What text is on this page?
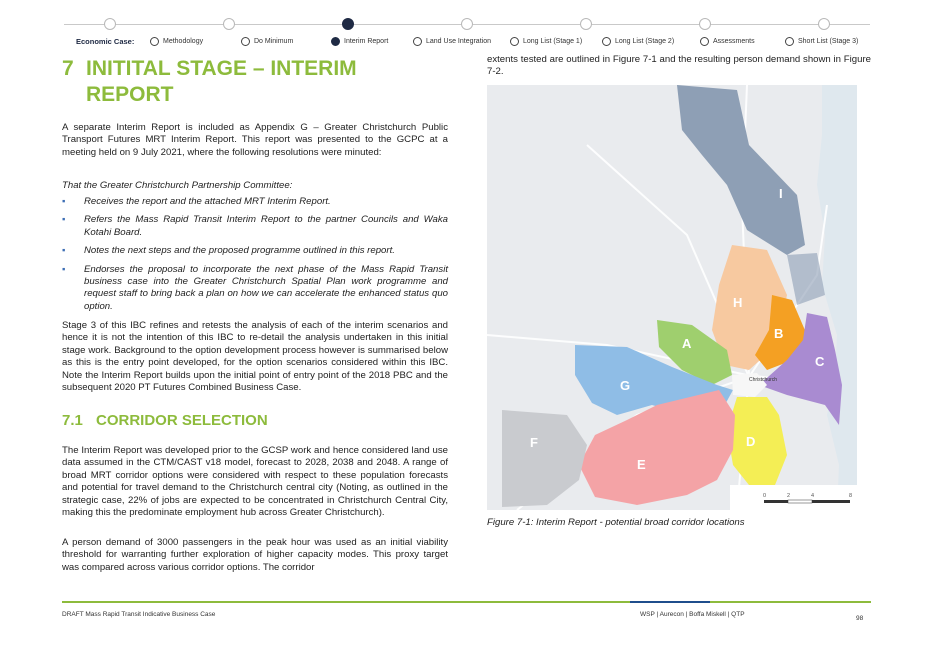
Economic Case:	Methodology	Do Minimum	Interim Report	Land Use Integration	Long List (Stage 1)	Long List (Stage 2)	Assessments	Short List (Stage 3)
7 INITITAL STAGE – INTERIM
REPORT

A separate Interim Report is included as Appendix G – Greater Christchurch Public Transport Futures MRT Interim Report. This report was presented to the GCPC at a meeting held on 9 July 2021, where the following resolutions were minuted:

That the Greater Christchurch Partnership Committee:

▪ Receives the report and the attached MRT Interim Report.
▪ Refers the Mass Rapid Transit Interim Report to the partner Councils and Waka Kotahi Board.
▪ Notes the next steps and the proposed programme outlined in this report.
▪ Endorses the proposal to incorporate the next phase of the Mass Rapid Transit business case into the Greater Christchurch Spatial Plan work programme and request staff to bring back a plan on how we can accelerate the enhanced status quo option.

Stage 3 of this IBC refines and retests the analysis of each of the interim scenarios and hence it is not the intention of this IBC to re-detail the analysis undertaken in this initial stage work. Background to the option development process however is summarised below as this is the entry point developed, for the option scenarios considered within this IBC. Note the Interim Report builds upon the initial point of entry point of the 2018 PBC and the subsequent 2020 PT Futures Combined Business Case.

7.1 CORRIDOR SELECTION

The Interim Report was developed prior to the GCSP work and hence considered land use data assumed in the CTM/CAST v18 model, forecast to 2028, 2038 and 2048. A range of broad MRT corridor options were considered with respect to these population forecasts and potential for travel demand to the Christchurch central city (Noting, as outlined in the strategic case, 22% of jobs are expected to be concentrated in Christchurch Central City, making this the predominate employment hub across Greater Christchurch).

A person demand of 3000 passengers in the peak hour was used as an initial viability threshold for warranting further exploration of higher capacity modes. This proxy target was compared across various corridor options. The corridor

extents tested are outlined in Figure 7-1 and the resulting person demand shown in Figure 7-2.

I
H
B
C
A
G
D
E
F
Christchurch
0	2	4	8

Figure 7-1: Interim Report - potential broad corridor locations

DRAFT Mass Rapid Transit Indicative Business Case	WSP | Aurecon | Boffa Miskell | QTP
98
